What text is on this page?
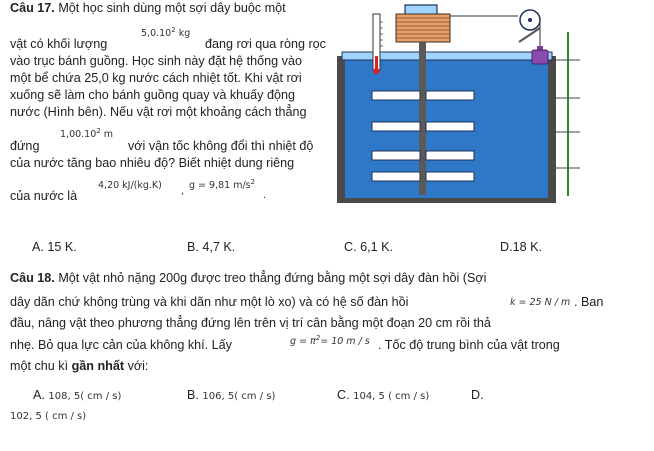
Câu 17. Một học sinh dùng một sợi dây buộc một
vật có khối lượng
5,0.10$^2$ kg
đang rơi qua ròng rọc
vào trục bánh guồng. Học sinh này đặt hệ thống vào
một bể chứa 25,0 kg nước cách nhiệt tốt. Khi vật rơi
xuống sẽ làm cho bánh guồng quay và khuấy động
nước (Hình bên). Nếu vật rơi một khoảng cách thẳng
đứng
1,00.10$^2$ m
với vận tốc không đổi thì nhiệt độ
của nước tăng bao nhiêu độ? Biết nhiệt dung riêng
của nước là
4,20 kJ/(kg.K)
,
g = 9,81 $m/s^2$
.
A. 15 K.	B. 4,7 K.	C. 6,1 K.	D.18 K.
Câu 18. Một vật nhỏ nặng 200g được treo thẳng đứng bằng một sợi dây đàn hồi (Sợi
dây dãn chứ không trùng và khi dãn như một lò xo) và có hệ số đàn hồi	k = 25 N / m . Ban
đầu, nâng vật theo phương thẳng đứng lên trên vị trí cân bằng một đoạn 20 cm rồi thả
nhẹ. Bỏ qua lực cản của không khí. Lấy	$g = \pi^2= 10$ m / s . Tốc độ trung bình của vật trong
một chu kì gần nhất với:
A. 108, 5( cm / s)	B. 106, 5( cm / s)	C. 104, 5 ( cm / s)	D.
102, 5 ( cm / s)
